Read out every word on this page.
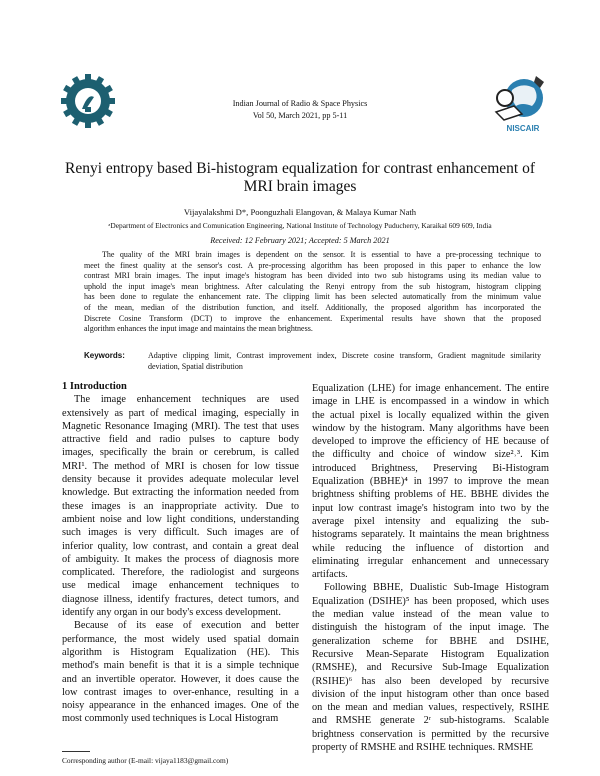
NISCAIR
Indian Journal of Radio & Space Physics
Vol 50, March 2021, pp 5-11
Renyi entropy based Bi-histogram equalization for contrast enhancement of
MRI brain images
Vijayalakshmi D*, Poonguzhali Elangovan, & Malaya Kumar Nath
ᵃDepartment of Electronics and Comunication Engineering, National Institute of Technology Puducherry, Karaikal 609 609, India
Received: 12 February 2021; Accepted: 5 March 2021
The quality of the MRI brain images is dependent on the sensor. It is essential to have a pre-processing technique to
meet the finest quality at the sensor's cost. A pre-processing algorithm has been proposed in this paper to enhance the low
contrast MRI brain images. The input image's histogram has been divided into two sub histograms using its median value to
uphold the input image's mean brightness. After calculating the Renyi entropy from the sub histogram, histogram clipping
has been done to regulate the enhancement rate. The clipping limit has been selected automatically from the minimum value
of the mean, median of the distribution function, and itself. Additionally, the proposed algorithm has incorporated the
Discrete Cosine Transform (DCT) to improve the enhancement. Experimental results have shown that the proposed
algorithm enhances the input image and maintains the mean brightness.
Keywords:	Adaptive clipping limit, Contrast improvement index, Discrete cosine transform, Gradient magnitude similarity
deviation, Spatial distribution
1 Introduction
The image enhancement techniques are used
extensively as part of medical imaging, especially in
Magnetic Resonance Imaging (MRI). The test that uses
attractive field and radio pulses to capture body
images, specifically the brain or cerebrum, is called
MRI¹. The method of MRI is chosen for low tissue
density because it provides adequate molecular level
knowledge. But extracting the information needed from
these images is an inappropriate activity. Due to
ambient noise and low light conditions, understanding
such images is very difficult. Such images are of
inferior quality, low contrast, and contain a great deal
of ambiguity. It makes the process of diagnosis more
complicated. Therefore, the radiologist and surgeons
use medical image enhancement techniques to
diagnose illness, identify fractures, detect tumors, and
identify any organ in our body's excess development.
Because of its ease of execution and better
performance, the most widely used spatial domain
algorithm is Histogram Equalization (HE). This
method's main benefit is that it is a simple technique
and an invertible operator. However, it does cause the
low contrast images to over-enhance, resulting in a
noisy appearance in the enhanced images. One of the
most commonly used techniques is Local Histogram
Equalization (LHE) for image enhancement. The entire
image in LHE is encompassed in a window in which
the actual pixel is locally equalized within the given
window by the histogram. Many algorithms have been
developed to improve the efficiency of HE because of
the difficulty and choice of window size²˒³. Kim
introduced Brightness, Preserving Bi-Histogram
Equalization (BBHE)⁴ in 1997 to improve the mean
brightness shifting problems of HE. BBHE divides the
input low contrast image's histogram into two by the
average pixel intensity and equalizing the sub-
histograms separately. It maintains the mean brightness
while reducing the influence of distortion and
eliminating irregular enhancement and unnecessary
artifacts.
Following BBHE, Dualistic Sub-Image Histogram
Equalization (DSIHE)⁵ has been proposed, which uses
the median value instead of the mean value to
distinguish the histogram of the input image. The
generalization scheme for BBHE and DSIHE,
Recursive Mean-Separate Histogram Equalization
(RMSHE), and Recursive Sub-Image Equalization
(RSIHE)⁶ has also been developed by recursive
division of the input histogram other than once based
on the mean and median values, respectively, RSIHE
and RMSHE generate 2ʳ sub-histograms. Scalable
brightness conservation is permitted by the recursive
property of RMSHE and RSIHE techniques. RMSHE
Corresponding author (E-mail: vijaya1183@gmail.com)
